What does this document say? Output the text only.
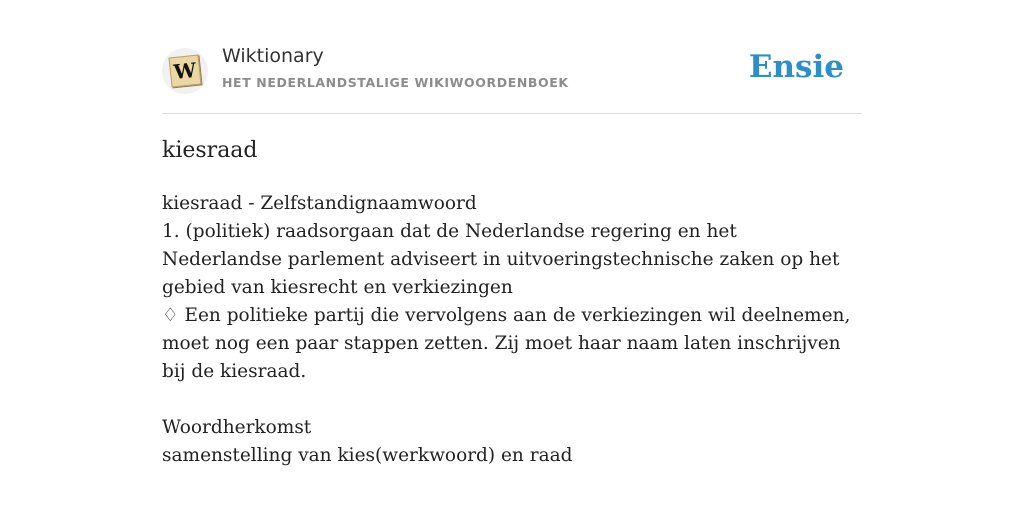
W
Wiktionary
HET NEDERLANDSTALIGE WIKIWOORDENBOEK	Ensie
kiesraad

kiesraad - Zelfstandignaamwoord

1. (politiek) raadsorgaan dat de Nederlandse regering en het Nederlandse parlement adviseert in uitvoeringstechnische zaken op het gebied van kiesrecht en verkiezingen

♢ Een politieke partij die vervolgens aan de verkiezingen wil deelnemen, moet nog een paar stappen zetten. Zij moet haar naam laten inschrijven bij de kiesraad.

Woordherkomst

samenstelling van kies(werkwoord) en raad
